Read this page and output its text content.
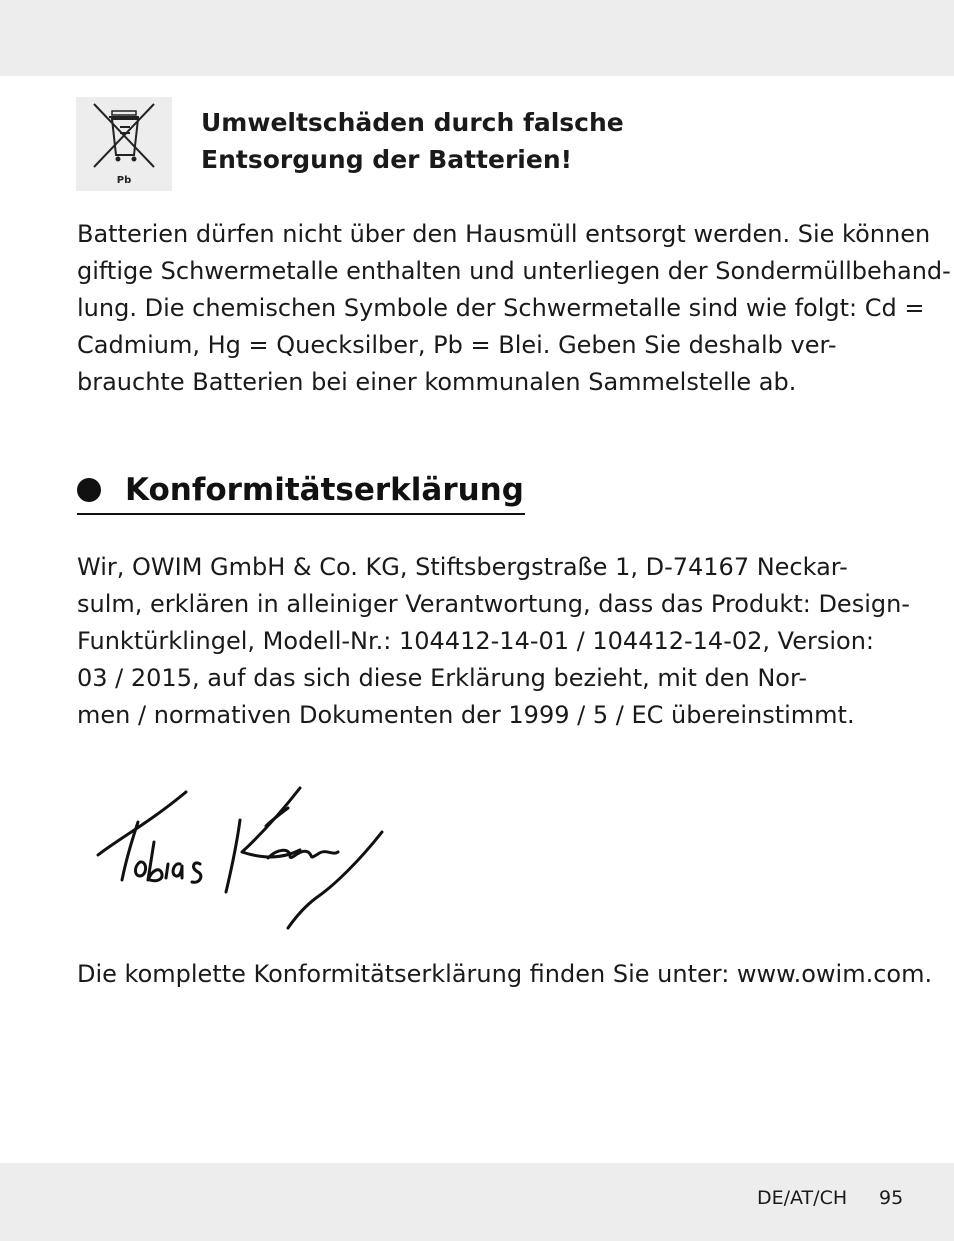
Pb
Umweltschäden durch falsche
Entsorgung der Batterien!
Batterien dürfen nicht über den Hausmüll entsorgt werden. Sie können
giftige Schwermetalle enthalten und unterliegen der Sondermüllbehand-
lung. Die chemischen Symbole der Schwermetalle sind wie folgt: Cd =
Cadmium, Hg = Quecksilber, Pb = Blei. Geben Sie deshalb ver-
brauchte Batterien bei einer kommunalen Sammelstelle ab.
Konformitätserklärung
Wir, OWIM GmbH & Co. KG, Stiftsbergstraße 1, D-74167 Neckar-
sulm, erklären in alleiniger Verantwortung, dass das Produkt: Design-
Funktürklingel, Modell-Nr.: 104412-14-01 / 104412-14-02, Version:
03 / 2015, auf das sich diese Erklärung bezieht, mit den Nor-
men / normativen Dokumenten der 1999 / 5 / EC übereinstimmt.
Die komplette Konformitätserklärung finden Sie unter: www.owim.com.
DE/AT/CH 95
